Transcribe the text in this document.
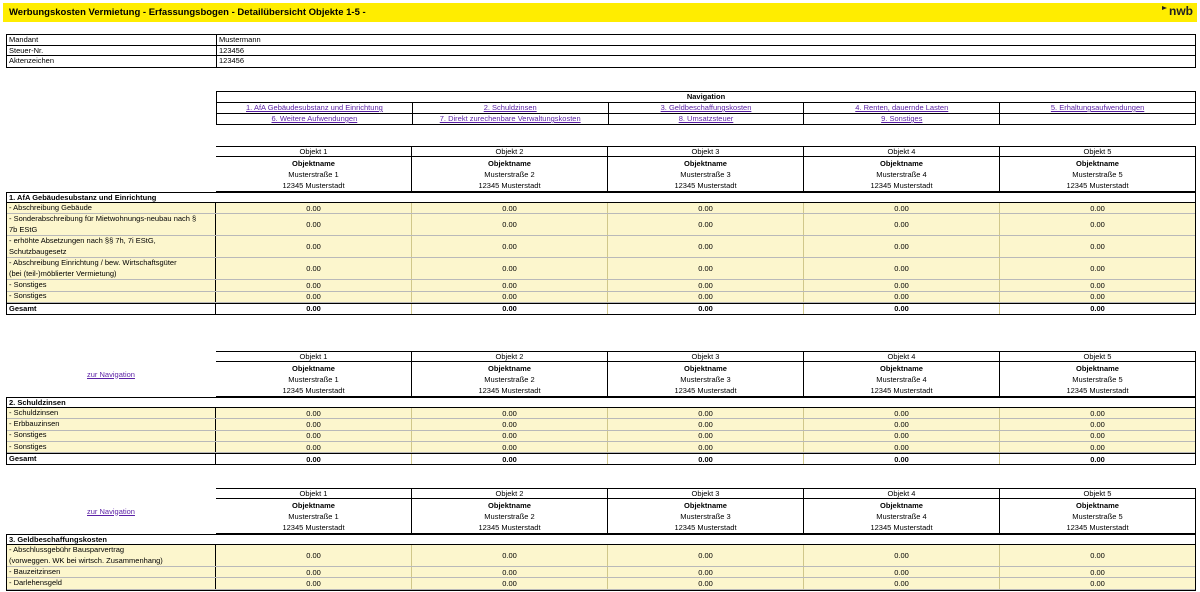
Werbungskosten Vermietung - Erfassungsbogen - Detailübersicht Objekte 1-5 -	nwb
Mandant	Mustermann
Steuer-Nr.	123456
Aktenzeichen	123456
Navigation
1. AfA Gebäudesubstanz und Einrichtung	2. Schuldzinsen	3. Geldbeschaffungskosten	4. Renten, dauernde Lasten	5. Erhaltungsaufwendungen
6. Weitere Aufwendungen	7. Direkt zurechenbare Verwaltungskosten	8. Umsatzsteuer	9. Sonstiges
Objekt 1
Objektname
Musterstraße 1
12345 Musterstadt
Objekt 2
Objektname
Musterstraße 2
12345 Musterstadt
Objekt 3
Objektname
Musterstraße 3
12345 Musterstadt
Objekt 4
Objektname
Musterstraße 4
12345 Musterstadt
Objekt 5
Objektname
Musterstraße 5
12345 Musterstadt
1. AfA Gebäudesubstanz und Einrichtung
- Abschreibung Gebäude	0.00	0.00	0.00	0.00	0.00
- Sonderabschreibung für Mietwohnungs-neubau nach §
7b EStG	0.00	0.00	0.00	0.00	0.00
- erhöhte Absetzungen nach §§ 7h, 7i EStG,
Schutzbaugesetz	0.00	0.00	0.00	0.00	0.00
- Abschreibung Einrichtung / bew. Wirtschaftsgüter
(bei (teil-)möblierter Vermietung)	0.00	0.00	0.00	0.00	0.00
- Sonstiges	0.00	0.00	0.00	0.00	0.00
- Sonstiges	0.00	0.00	0.00	0.00	0.00
Gesamt	0.00	0.00	0.00	0.00	0.00
zur Navigation
Objekt 1
Objektname
Musterstraße 1
12345 Musterstadt
Objekt 2
Objektname
Musterstraße 2
12345 Musterstadt
Objekt 3
Objektname
Musterstraße 3
12345 Musterstadt
Objekt 4
Objektname
Musterstraße 4
12345 Musterstadt
Objekt 5
Objektname
Musterstraße 5
12345 Musterstadt
2. Schuldzinsen
- Schuldzinsen	0.00	0.00	0.00	0.00	0.00
- Erbbauzinsen	0.00	0.00	0.00	0.00	0.00
- Sonstiges	0.00	0.00	0.00	0.00	0.00
- Sonstiges	0.00	0.00	0.00	0.00	0.00
Gesamt	0.00	0.00	0.00	0.00	0.00
zur Navigation
Objekt 1
Objektname
Musterstraße 1
12345 Musterstadt
Objekt 2
Objektname
Musterstraße 2
12345 Musterstadt
Objekt 3
Objektname
Musterstraße 3
12345 Musterstadt
Objekt 4
Objektname
Musterstraße 4
12345 Musterstadt
Objekt 5
Objektname
Musterstraße 5
12345 Musterstadt
3. Geldbeschaffungskosten
- Abschlussgebühr Bausparvertrag
(vorweggen. WK bei wirtsch. Zusammenhang)	0.00	0.00	0.00	0.00	0.00
- Bauzeitzinsen	0.00	0.00	0.00	0.00	0.00
- Darlehensgeld	0.00	0.00	0.00	0.00	0.00
